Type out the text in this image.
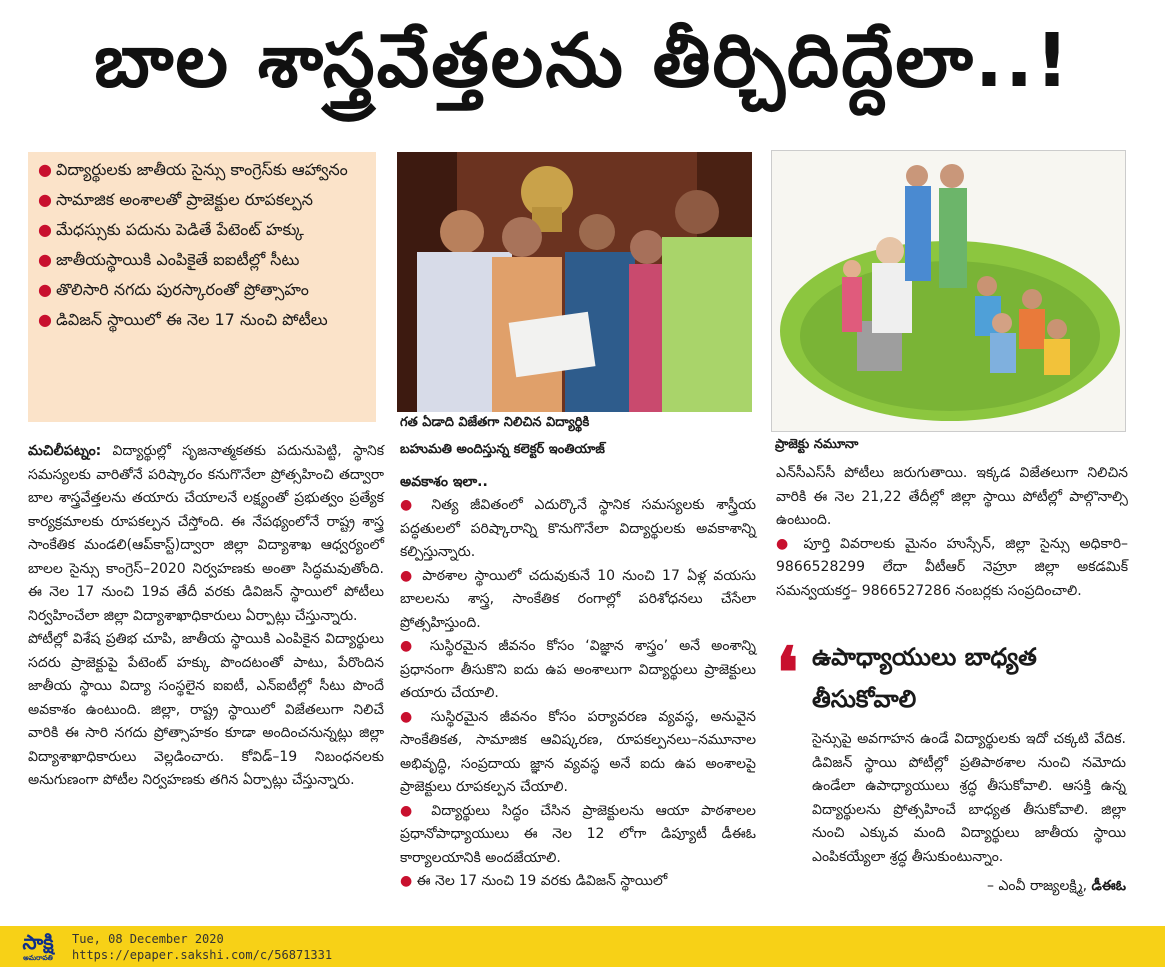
బాల శాస్త్రవేత్తలను తీర్చిదిద్దేలా..!
● విద్యార్థులకు జాతీయ సైన్సు కాంగ్రెస్‌కు ఆహ్వానం
● సామాజిక అంశాలతో ప్రాజెక్టుల రూపకల్పన
● మేధస్సుకు పదును పెడితే పేటెంట్‌ హక్కు
● జాతీయస్థాయికి ఎంపికైతే ఐఐటీల్లో సీటు
● తొలిసారి నగదు పురస్కారంతో ప్రోత్సాహం
● డివిజన్‌ స్థాయిలో ఈ నెల 17 నుంచి పోటీలు
గత ఏడాది విజేతగా నిలిచిన విద్యార్థికి
బహుమతి అందిస్తున్న కలెక్టర్‌ ఇంతియాజ్‌	ప్రాజెక్టు నమూనా

మచిలీపట్నం: విద్యార్థుల్లో సృజనాత్మకతకు పదునుపెట్టి, స్థానిక సమస్యలకు వారితోనే పరిష్కారం కనుగొనేలా ప్రోత్సహించి తద్వారా బాల శాస్త్రవేత్తలను తయారు చేయాలనే లక్ష్యంతో ప్రభుత్వం ప్రత్యేక కార్యక్రమాలకు రూపకల్పన చేస్తోంది. ఈ నేపథ్యంలోనే రాష్ట్ర శాస్త్ర సాంకేతిక మండలి(ఆప్‌కాస్ట్‌)ద్వారా జిల్లా విద్యాశాఖ ఆధ్వర్యంలో బాలల సైన్సు కాంగ్రెస్‌–2020 నిర్వహణకు అంతా సిద్ధమవుతోంది. ఈ నెల 17 నుంచి 19వ తేదీ వరకు డివిజన్‌ స్థాయిలో పోటీలు నిర్వహించేలా జిల్లా విద్యాశాఖాధికారులు ఏర్పాట్లు చేస్తున్నారు.

పోటీల్లో విశేష ప్రతిభ చూపి, జాతీయ స్థాయికి ఎంపికైన విద్యార్థులు సదరు ప్రాజెక్టుపై పేటెంట్‌ హక్కు పొందటంతో పాటు, పేరొందిన జాతీయ స్థాయి విద్యా సంస్థలైన ఐఐటీ, ఎన్‌ఐటీల్లో సీటు పొందే అవకాశం ఉంటుంది. జిల్లా, రాష్ట్ర స్థాయిలో విజేతలుగా నిలిచే వారికి ఈ సారి నగదు ప్రోత్సాహకం కూడా అందించనున్నట్లు జిల్లా విద్యాశాఖాధికారులు వెల్లడించారు. కోవిడ్‌–19 నిబంధనలకు అనుగుణంగా పోటీల నిర్వహణకు తగిన ఏర్పాట్లు చేస్తున్నారు.

అవకాశం ఇలా..

● నిత్య జీవితంలో ఎదుర్కొనే స్థానిక సమస్యలకు శాస్త్రీయ పద్ధతులలో పరిష్కారాన్ని కొనుగొనేలా విద్యార్థులకు అవకాశాన్ని కల్పిస్తున్నారు.

● పాఠశాల స్థాయిలో చదువుకునే 10 నుంచి 17 ఏళ్ల వయసు బాలలను శాస్త్ర, సాంకేతిక రంగాల్లో పరిశోధనలు చేసేలా ప్రోత్సహిస్తుంది.

● సుస్థిరమైన జీవనం కోసం ‘విజ్ఞాన శాస్త్రం’ అనే అంశాన్ని ప్రధానంగా తీసుకొని ఐదు ఉప అంశాలుగా విద్యార్థులు ప్రాజెక్టులు తయారు చేయాలి.

● సుస్థిరమైన జీవనం కోసం పర్యావరణ వ్యవస్థ, అనువైన సాంకేతికత, సామాజిక ఆవిష్కరణ, రూపకల్పనలు–నమూనాల అభివృద్ధి, సంప్రదాయ జ్ఞాన వ్యవస్థ అనే ఐదు ఉప అంశాలపై ప్రాజెక్టులు రూపకల్పన చేయాలి.

● విద్యార్థులు సిద్ధం చేసిన ప్రాజెక్టులను ఆయా పాఠశాలల ప్రధానోపాధ్యాయులు ఈ నెల 12 లోగా డిప్యూటీ డీఈఓ కార్యాలయానికి అందజేయాలి.

● ఈ నెల 17 నుంచి 19 వరకు డివిజన్‌ స్థాయిలో

ఎన్‌సీఎస్‌సీ పోటీలు జరుగుతాయి. ఇక్కడ విజేతలుగా నిలిచిన వారికి ఈ నెల 21,22 తేదీల్లో జిల్లా స్థాయి పోటీల్లో పాల్గొనాల్సి ఉంటుంది.

● పూర్తి వివరాలకు మైనం హుస్సేన్‌, జిల్లా సైన్సు అధికారి–9866528299 లేదా వీటీఆర్‌ నెహ్రూ జిల్లా అకడమిక్‌ సమన్వయకర్త– 9866527286 నంబర్లకు సంప్రదించాలి.

❛ ఉపాధ్యాయులు బాధ్యత తీసుకోవాలి
సైన్సుపై అవగాహన ఉండే విద్యార్థులకు ఇదో చక్కటి వేదిక. డివిజన్‌ స్థాయి పోటీల్లో ప్రతిపాఠశాల నుంచి నమోదు ఉండేలా ఉపాధ్యాయులు శ్రద్ధ తీసుకోవాలి. ఆసక్తి ఉన్న విద్యార్థులను ప్రోత్సహించే బాధ్యత తీసుకోవాలి. జిల్లా నుంచి ఎక్కువ మంది విద్యార్థులు జాతీయ స్థాయి ఎంపికయ్యేలా శ్రద్ధ తీసుకుంటున్నాం.
– ఎంవీ రాజ్యలక్ష్మి, డీఈఓ
సాక్షి
అమరావతి
Tue, 08 December 2020
https://epaper.sakshi.com/c/56871331
